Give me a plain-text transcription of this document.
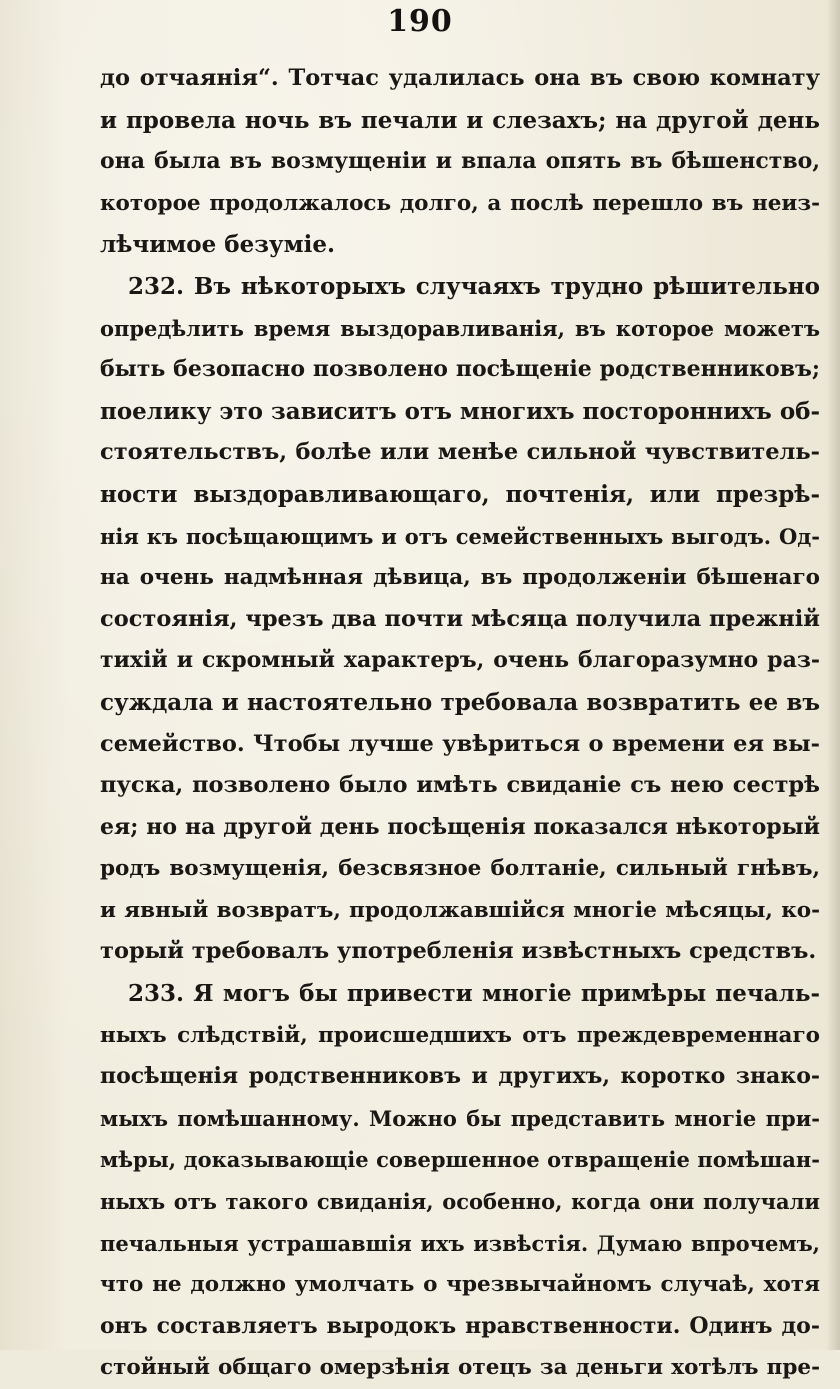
190
до отчаянія“. Тотчас удалилась она въ свою комнату
и провела ночь въ печали и слезахъ; на другой день
она была въ возмущеніи и впала опять въ бѣшенство,
которое продолжалось долго, а послѣ перешло въ неиз-
лѣчимое безуміе.
232. Въ нѣкоторыхъ случаяхъ трудно рѣшительно
опредѣлить время выздоравливанія, въ которое можетъ
быть безопасно позволено посѣщеніе родственниковъ;
поелику это зависитъ отъ многихъ постороннихъ об-
стоятельствъ, болѣе или менѣе сильной чувствитель-
ности выздоравливающаго, почтенія, или презрѣ-
нія къ посѣщающимъ и отъ семейственныхъ выгодъ. Од-
на очень надмѣнная дѣвица, въ продолженіи бѣшенаго
состоянія, чрезъ два почти мѣсяца получила прежній
тихій и скромный характеръ, очень благоразумно раз-
суждала и настоятельно требовала возвратить ее въ
семейство. Чтобы лучше увѣриться о времени ея вы-
пуска, позволено было имѣть свиданіе съ нею сестрѣ
ея; но на другой день посѣщенія показался нѣкоторый
родъ возмущенія, безсвязное болтаніе, сильный гнѣвъ,
и явный возвратъ, продолжавшійся многіе мѣсяцы, ко-
торый требовалъ употребленія извѣстныхъ средствъ.
233. Я могъ бы привести многіе примѣры печаль-
ныхъ слѣдствій, происшедшихъ отъ преждевременнаго
посѣщенія родственниковъ и другихъ, коротко знако-
мыхъ помѣшанному. Можно бы представить многіе при-
мѣры, доказывающіе совершенное отвращеніе помѣшан-
ныхъ отъ такого свиданія, особенно, когда они получали
печальныя устрашавшія ихъ извѣстія. Думаю впрочемъ,
что не должно умолчать о чрезвычайномъ случаѣ, хотя
онъ составляетъ выродокъ нравственности. Одинъ до-
стойный общаго омерзѣнія отецъ за деньги хотѣлъ пре-
